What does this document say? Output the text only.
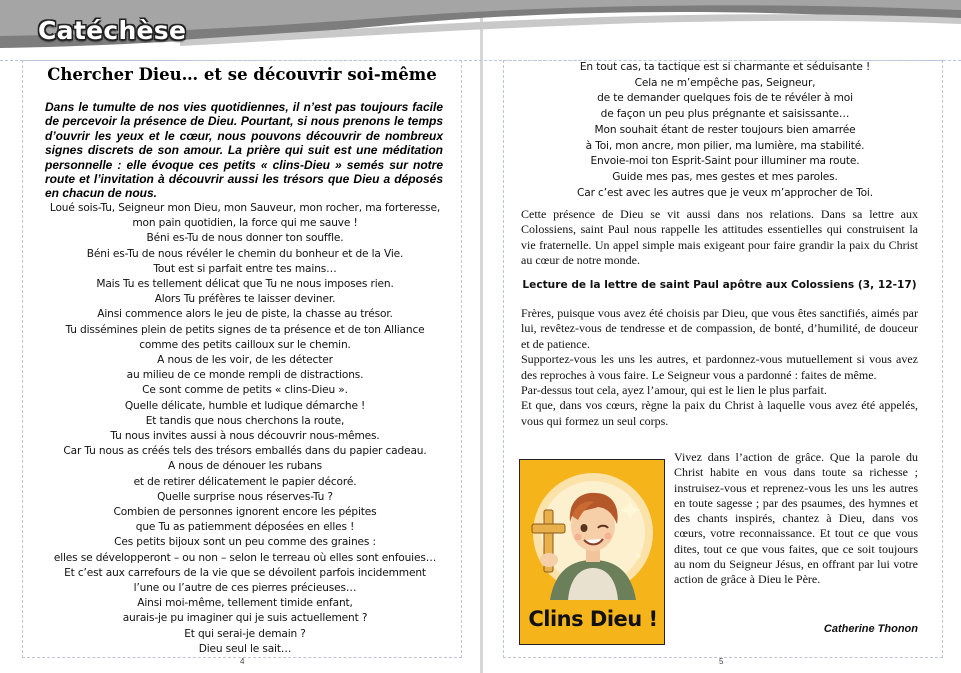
Catéchèse
Chercher Dieu… et se découvrir soi-même
Dans le tumulte de nos vies quotidiennes, il n’est pas toujours facile de percevoir la présence de Dieu. Pourtant, si nous prenons le temps d’ouvrir les yeux et le cœur, nous pouvons découvrir de nombreux signes discrets de son amour. La prière qui suit est une méditation personnelle : elle évoque ces petits « clins-Dieu » semés sur notre route et l’invitation à découvrir aussi les trésors que Dieu a déposés en chacun de nous.
Loué sois-Tu, Seigneur mon Dieu, mon Sauveur, mon rocher, ma forteresse,
mon pain quotidien, la force qui me sauve !
Béni es-Tu de nous donner ton souffle.
Béni es-Tu de nous révéler le chemin du bonheur et de la Vie.
Tout est si parfait entre tes mains…
Mais Tu es tellement délicat que Tu ne nous imposes rien.
Alors Tu préfères te laisser deviner.
Ainsi commence alors le jeu de piste, la chasse au trésor.
Tu dissémines plein de petits signes de ta présence et de ton Alliance
comme des petits cailloux sur le chemin.
A nous de les voir, de les détecter
au milieu de ce monde rempli de distractions.
Ce sont comme de petits « clins-Dieu ».
Quelle délicate, humble et ludique démarche !
Et tandis que nous cherchons la route,
Tu nous invites aussi à nous découvrir nous-mêmes.
Car Tu nous as créés tels des trésors emballés dans du papier cadeau.
A nous de dénouer les rubans
et de retirer délicatement le papier décoré.
Quelle surprise nous réserves-Tu ?
Combien de personnes ignorent encore les pépites
que Tu as patiemment déposées en elles !
Ces petits bijoux sont un peu comme des graines :
elles se développeront – ou non – selon le terreau où elles sont enfouies…
Et c’est aux carrefours de la vie que se dévoilent parfois incidemment
l’une ou l’autre de ces pierres précieuses…
Ainsi moi-même, tellement timide enfant,
aurais-je pu imaginer qui je suis actuellement ?
Et qui serai-je demain ?
Dieu seul le sait…
4
En tout cas, ta tactique est si charmante et séduisante !
Cela ne m’empêche pas, Seigneur,
de te demander quelques fois de te révéler à moi
de façon un peu plus prégnante et saisissante…
Mon souhait étant de rester toujours bien amarrée
à Toi, mon ancre, mon pilier, ma lumière, ma stabilité.
Envoie-moi ton Esprit-Saint pour illuminer ma route.
Guide mes pas, mes gestes et mes paroles.
Car c’est avec les autres que je veux m’approcher de Toi.
Cette présence de Dieu se vit aussi dans nos relations. Dans sa lettre aux Colossiens, saint Paul nous rappelle les attitudes essentielles qui construisent la vie fraternelle. Un appel simple mais exigeant pour faire grandir la paix du Christ au cœur de notre monde.
Lecture de la lettre de saint Paul apôtre aux Colossiens (3, 12-17)

Frères, puisque vous avez été choisis par Dieu, que vous êtes sanctifiés, aimés par lui, revêtez-vous de tendresse et de compassion, de bonté, d’humilité, de douceur et de patience.

Supportez-vous les uns les autres, et pardonnez-vous mutuellement si vous avez des reproches à vous faire. Le Seigneur vous a pardonné : faites de même.

Par-dessus tout cela, ayez l’amour, qui est le lien le plus parfait.

Et que, dans vos cœurs, règne la paix du Christ à laquelle vous avez été appelés, vous qui formez un seul corps.

Clins Dieu !
Vivez dans l’action de grâce. Que la parole du Christ habite en vous dans toute sa richesse ; instruisez-vous et reprenez-vous les uns les autres en toute sagesse ; par des psaumes, des hymnes et des chants inspirés, chantez à Dieu, dans vos cœurs, votre reconnaissance. Et tout ce que vous dites, tout ce que vous faites, que ce soit toujours au nom du Seigneur Jésus, en offrant par lui votre action de grâce à Dieu le Père.
Catherine Thonon
5
